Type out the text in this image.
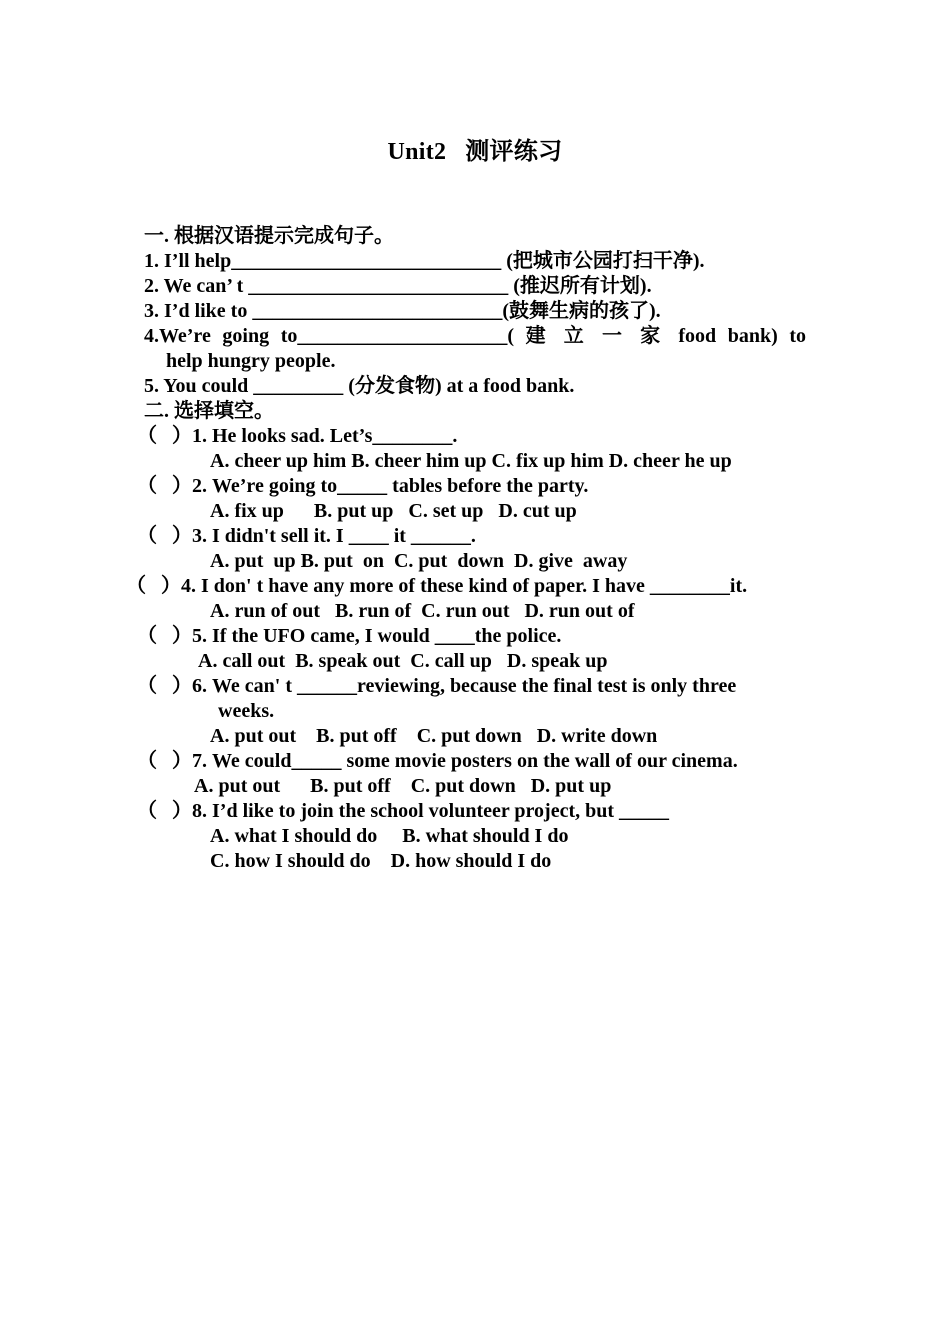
Unit2   测评练习
一. 根据汉语提示完成句子。
1. I’ll help___________________________ (把城市公园打扫干净).
2. We can’ t __________________________ (推迟所有计划).
3. I’d like to _________________________(鼓舞生病的孩了).
4.We’re going to_____________________( 建 立 一 家 food bank) to
help hungry people.
5. You could _________ (分发食物) at a food bank.
二. 选择填空。
（   ）1. He looks sad. Let’s________.
A. cheer up him B. cheer him up C. fix up him D. cheer he up
（   ）2. We’re going to_____ tables before the party.
A. fix up      B. put up   C. set up   D. cut up
（   ）3. I didn't sell it. I ____ it ______.
A. put  up B. put  on  C. put  down  D. give  away
（   ）4. I don' t have any more of these kind of paper. I have ________it.
A. run of out   B. run of  C. run out   D. run out of
（   ）5. If the UFO came, I would ____the police.
A. call out  B. speak out  C. call up   D. speak up
（   ）6. We can' t ______reviewing, because the final test is only three
weeks.
A. put out    B. put off    C. put down   D. write down
（   ）7. We could_____ some movie posters on the wall of our cinema.
A. put out      B. put off    C. put down   D. put up
（   ）8. I’d like to join the school volunteer project, but _____
A. what I should do     B. what should I do
C. how I should do    D. how should I do
